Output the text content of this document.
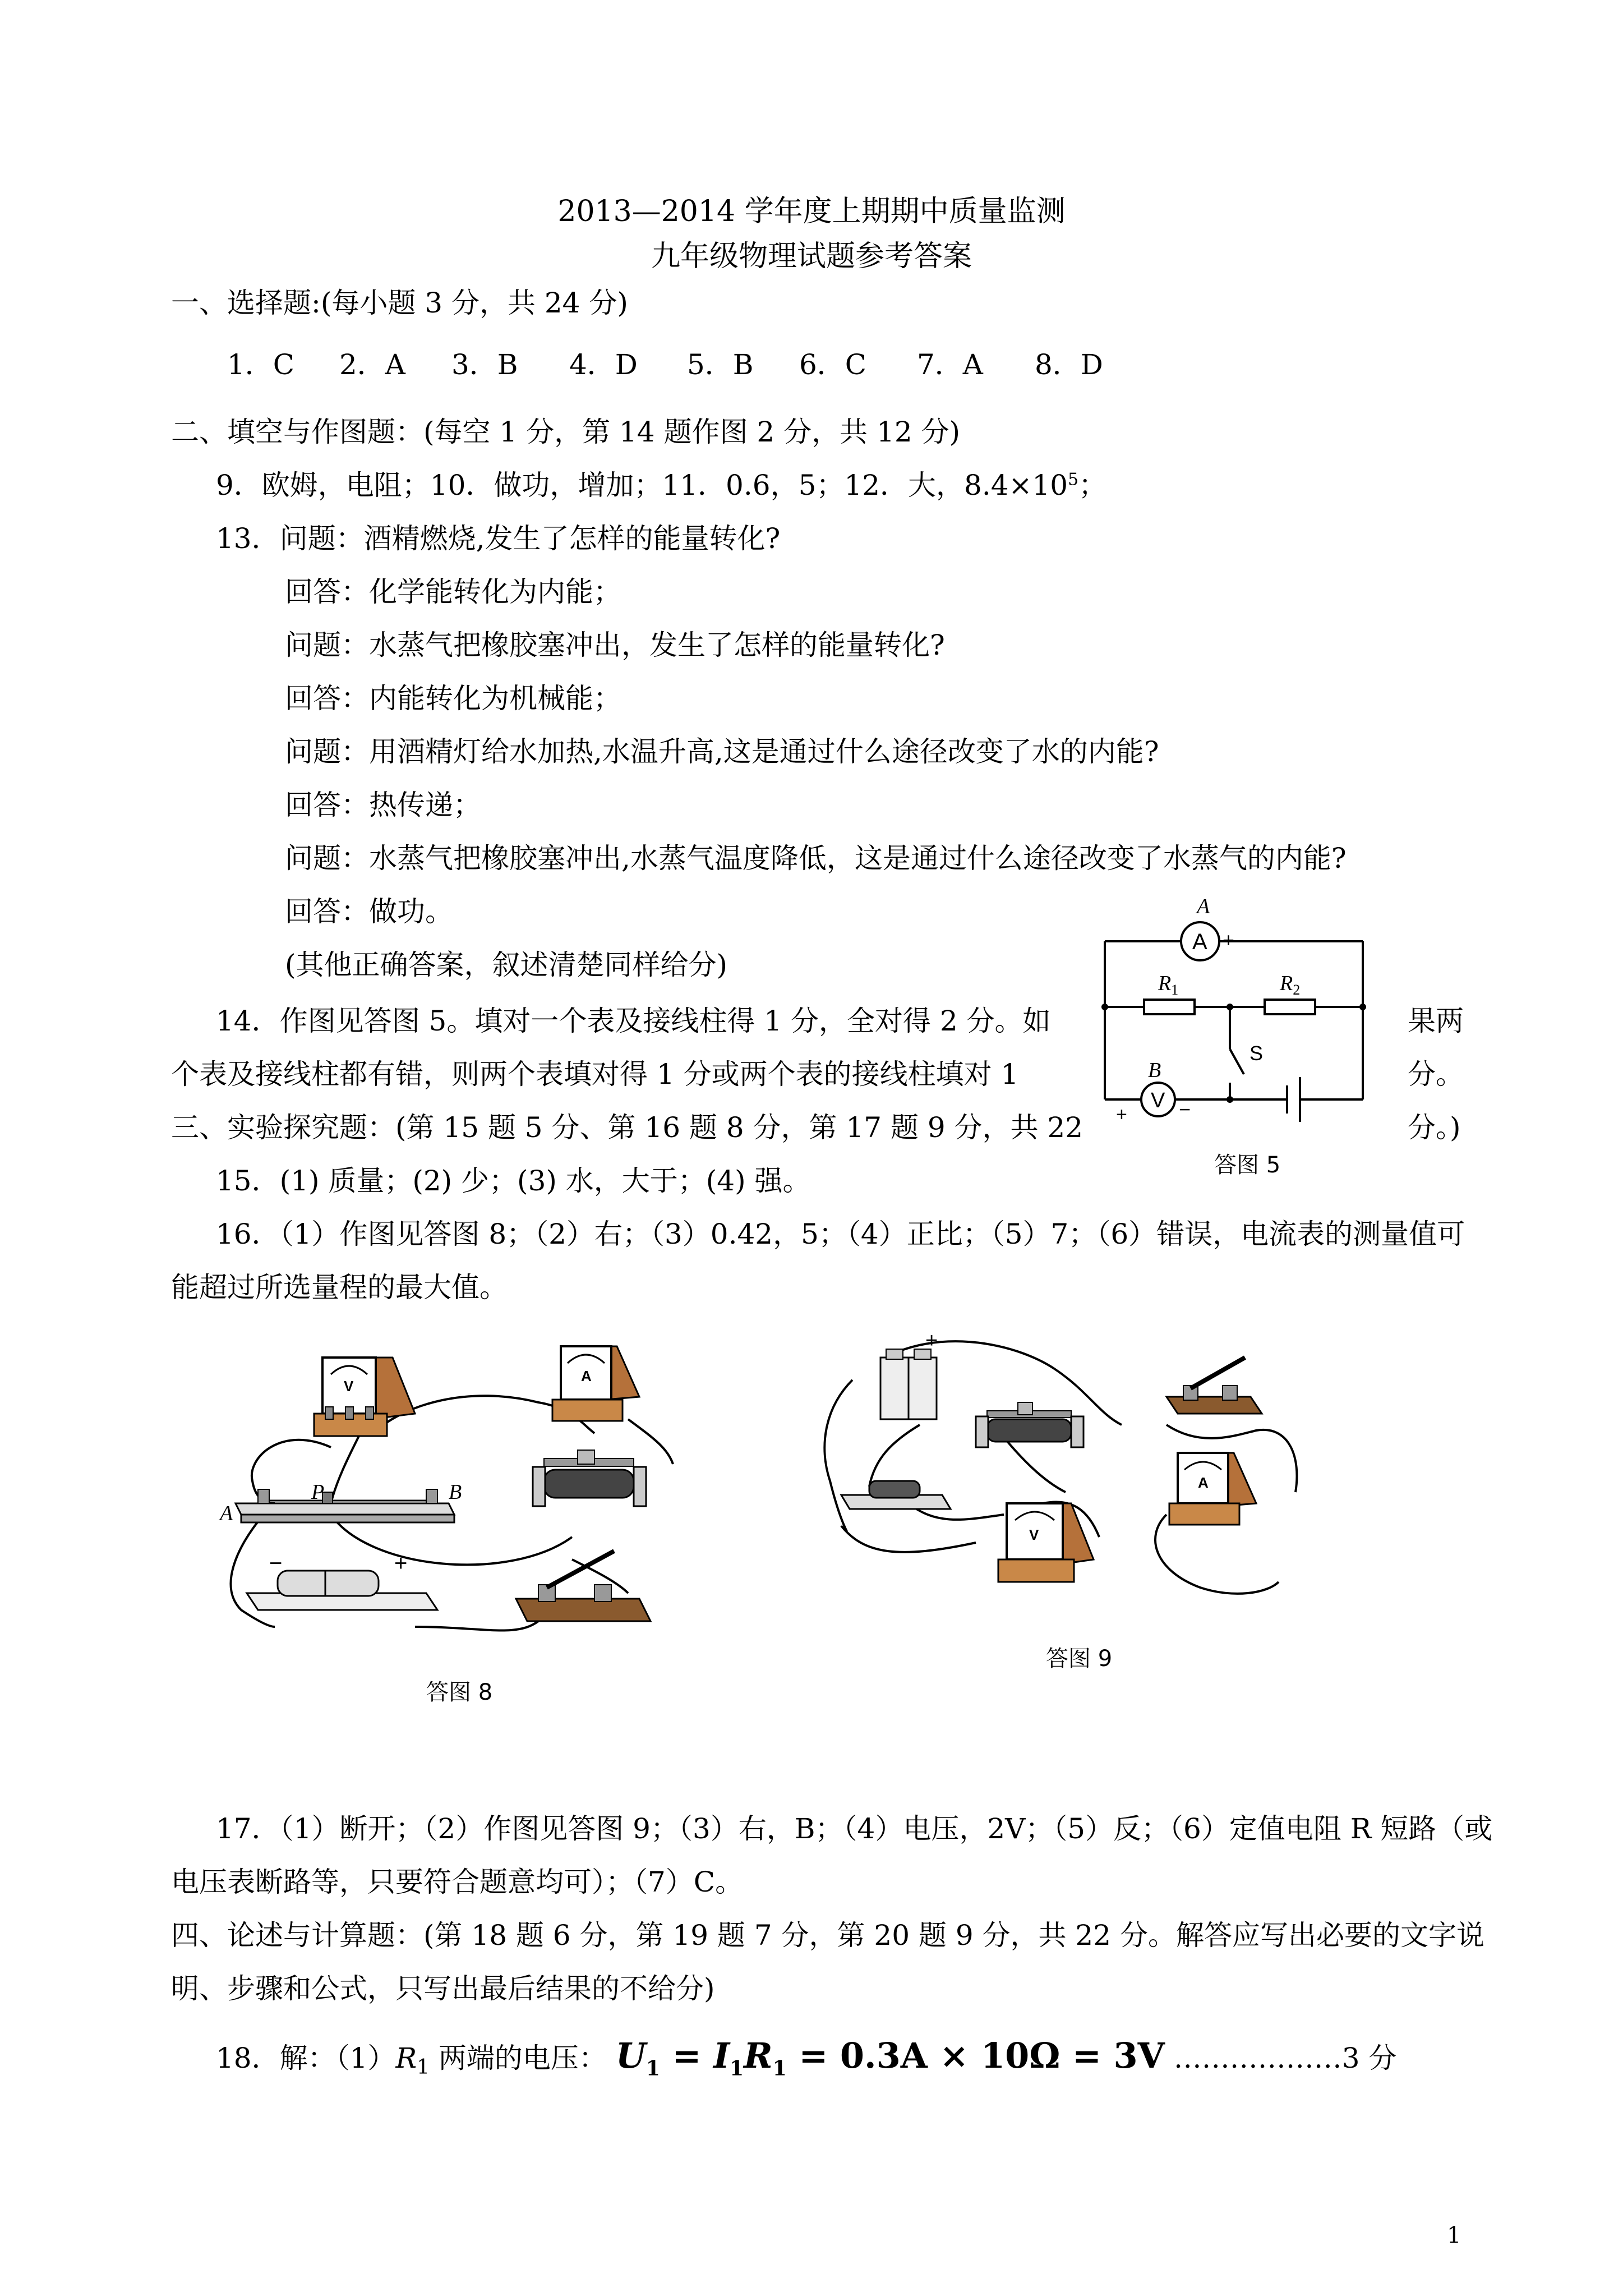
2013—2014 学年度上期期中质量监测
九年级物理试题参考答案
一、选择题:(每小题 3 分，共 24 分)
1．C 2．A 3．B 4．D 5．B 6．C 7．A 8．D
二、填空与作图题：(每空 1 分，第 14 题作图 2 分，共 12 分)
9．欧姆，电阻；10．做功，增加；11．0.6，5；12．大，$8.4\times 10^5$；
13．问题：酒精燃烧,发生了怎样的能量转化?
回答：化学能转化为内能；
问题：水蒸气把橡胶塞冲出，发生了怎样的能量转化?
回答：内能转化为机械能；
问题：用酒精灯给水加热,水温升高,这是通过什么途径改变了水的内能?
回答：热传递；
问题：水蒸气把橡胶塞冲出,水蒸气温度降低，这是通过什么途径改变了水蒸气的内能?
回答：做功。
(其他正确答案，叙述清楚同样给分)
14．作图见答图 5。填对一个表及接线柱得 1 分，全对得 2 分。如	果两
个表及接线柱都有错，则两个表填对得 1 分或两个表的接线柱填对 1	分。
三、实验探究题：(第 15 题 5 分、第 16 题 8 分，第 17 题 9 分，共 22	分。)
15．(1) 质量；(2) 少；(3) 水，大于；(4) 强。
16．（1）作图见答图 8；（2）右；（3）0.42，5；（4）正比；（5）7；（6）错误，电流表的测量值可
能超过所选量程的最大值。
A
A
− +
$R_1$	$R_2$
S
B
V
+	−
答图 5
V
A
A
P	B
−	+
答图 8
+
A
V
答图 9
17．（1）断开；（2）作图见答图 9；（3）右，B；（4）电压，2V；（5）反；（6）定值电阻 R 短路（或
电压表断路等，只要符合题意均可）；（7）C。
四、论述与计算题：(第 18 题 6 分，第 19 题 7 分，第 20 题 9 分，共 22 分。解答应写出必要的文字说
明、步骤和公式，只写出最后结果的不给分)
18．解：$(1)R_1$ 两端的电压： $U_1 = I_1R_1 = 0.3A \times 10\Omega = 3V$ ………………3 分
1
